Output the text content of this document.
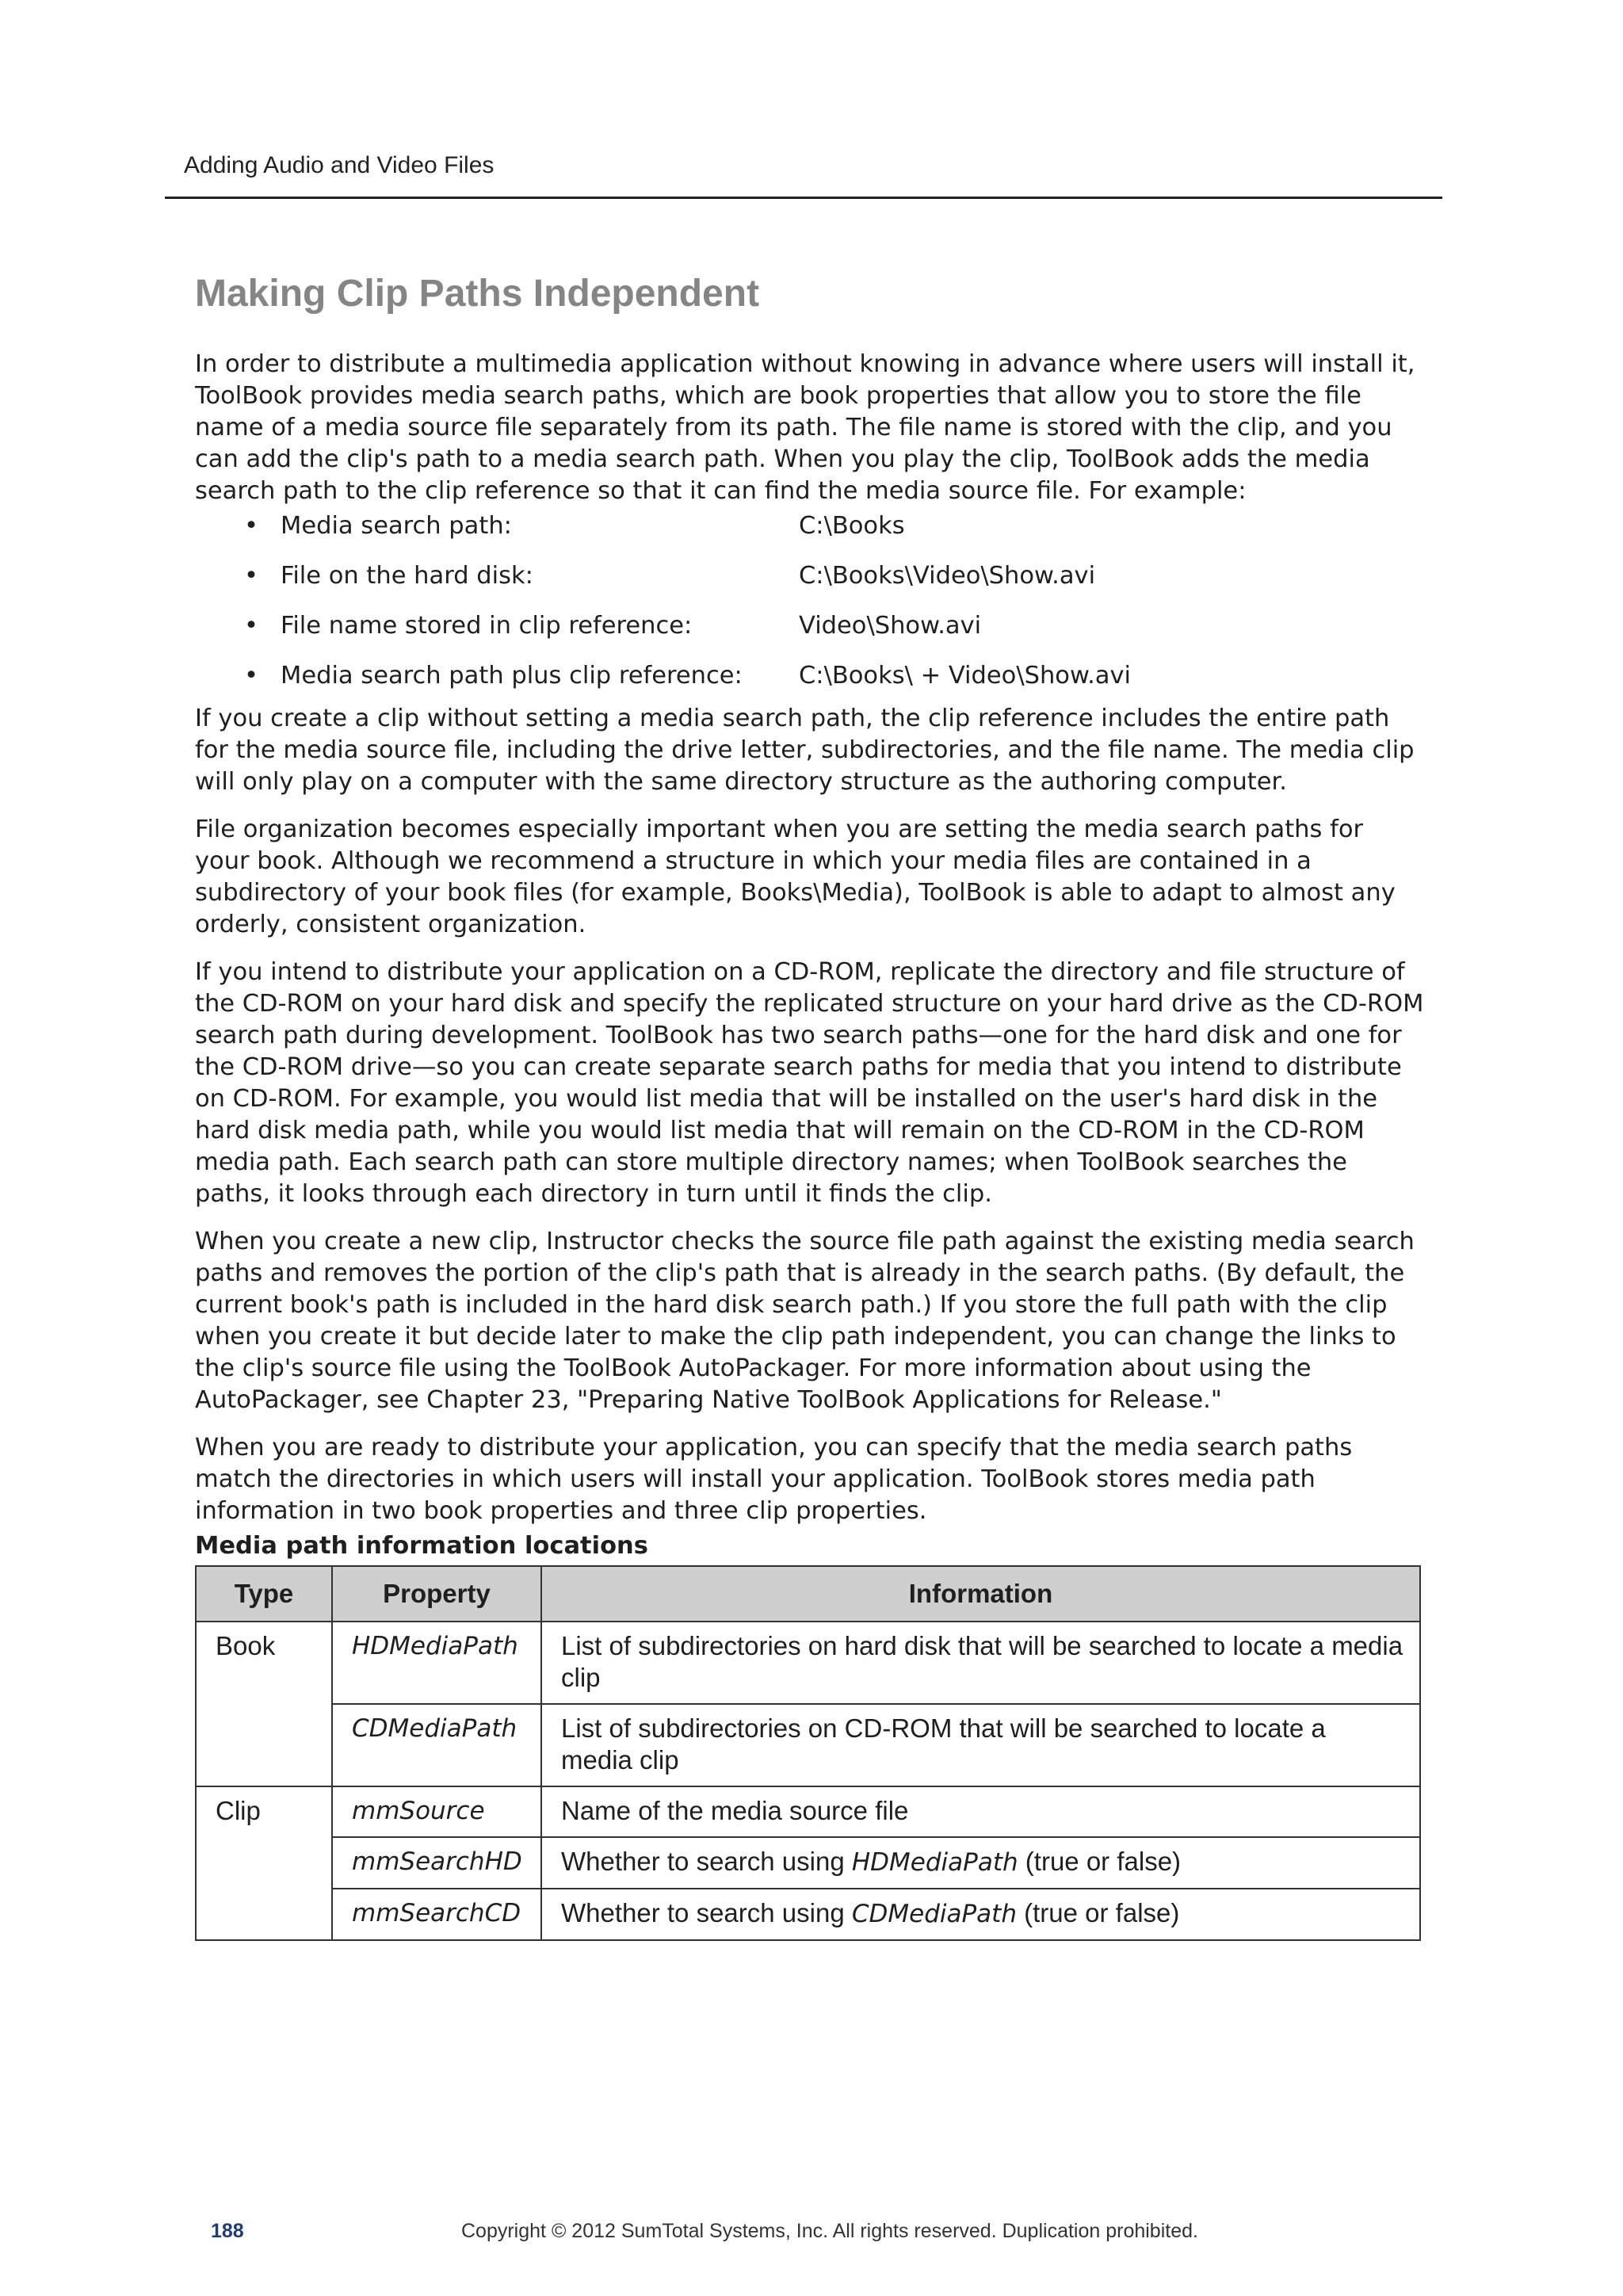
Adding Audio and Video Files
Making Clip Paths Independent

In order to distribute a multimedia application without knowing in advance where users will install it, ToolBook provides media search paths, which are book properties that allow you to store the file name of a media source file separately from its path. The file name is stored with the clip, and you can add the clip's path to a media search path. When you play the clip, ToolBook adds the media search path to the clip reference so that it can find the media source file. For example:

• Media search path:	C:\Books
• File on the hard disk:	C:\Books\Video\Show.avi
• File name stored in clip reference:	Video\Show.avi
• Media search path plus clip reference: C:\Books\ + Video\Show.avi

If you create a clip without setting a media search path, the clip reference includes the entire path for the media source file, including the drive letter, subdirectories, and the file name. The media clip will only play on a computer with the same directory structure as the authoring computer.

File organization becomes especially important when you are setting the media search paths for your book. Although we recommend a structure in which your media files are contained in a subdirectory of your book files (for example, Books\Media), ToolBook is able to adapt to almost any orderly, consistent organization.

If you intend to distribute your application on a CD-ROM, replicate the directory and file structure of the CD-ROM on your hard disk and specify the replicated structure on your hard drive as the CD-ROM search path during development. ToolBook has two search paths—one for the hard disk and one for the CD-ROM drive—so you can create separate search paths for media that you intend to distribute on CD-ROM. For example, you would list media that will be installed on the user's hard disk in the hard disk media path, while you would list media that will remain on the CD-ROM in the CD-ROM media path. Each search path can store multiple directory names; when ToolBook searches the paths, it looks through each directory in turn until it finds the clip.

When you create a new clip, Instructor checks the source file path against the existing media search paths and removes the portion of the clip's path that is already in the search paths. (By default, the current book's path is included in the hard disk search path.) If you store the full path with the clip when you create it but decide later to make the clip path independent, you can change the links to the clip's source file using the ToolBook AutoPackager. For more information about using the AutoPackager, see Chapter 23, "Preparing Native ToolBook Applications for Release."

When you are ready to distribute your application, you can specify that the media search paths match the directories in which users will install your application. ToolBook stores media path information in two book properties and three clip properties.

Media path information locations

Type	Property	Information
Book	HDMediaPath	List of subdirectories on hard disk that will be searched to locate a media clip
	CDMediaPath	List of subdirectories on CD-ROM that will be searched to locate a media clip
Clip	mmSource	Name of the media source file
	mmSearchHD	Whether to search using HDMediaPath (true or false)
	mmSearchCD	Whether to search using CDMediaPath (true or false)
188	Copyright © 2012 SumTotal Systems, Inc. All rights reserved. Duplication prohibited.
